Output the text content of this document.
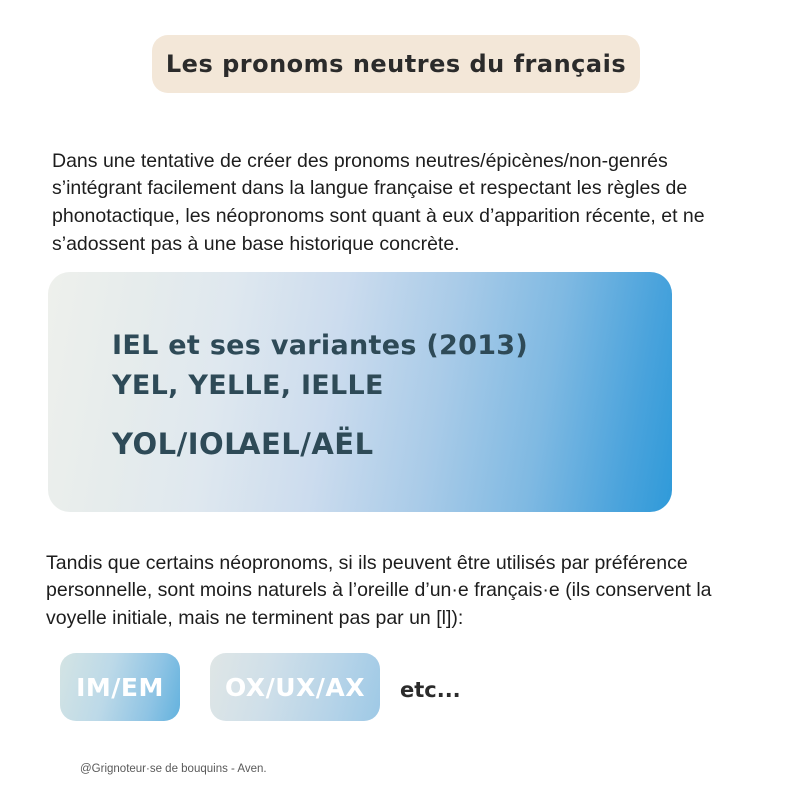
Les pronoms neutres du français

Dans une tentative de créer des pronoms neutres/épicènes/non-genrés s’intégrant facilement dans la langue française et respectant les règles de phonotactique, les néopronoms sont quant à eux d’apparition récente, et ne s’adossent pas à une base historique concrète.

IEL et ses variantes (2013)
YEL, YELLE, IELLE
YOL/IOL
AEL/AËL

Tandis que certains néopronoms, si ils peuvent être utilisés par préférence personnelle, sont moins naturels à l’oreille d’un·e français·e (ils conservent la voyelle initiale, mais ne terminent pas par un [l]):

IM/EM	OX/UX/AX	etc...
@Grignoteur·se de bouquins - Aven.
